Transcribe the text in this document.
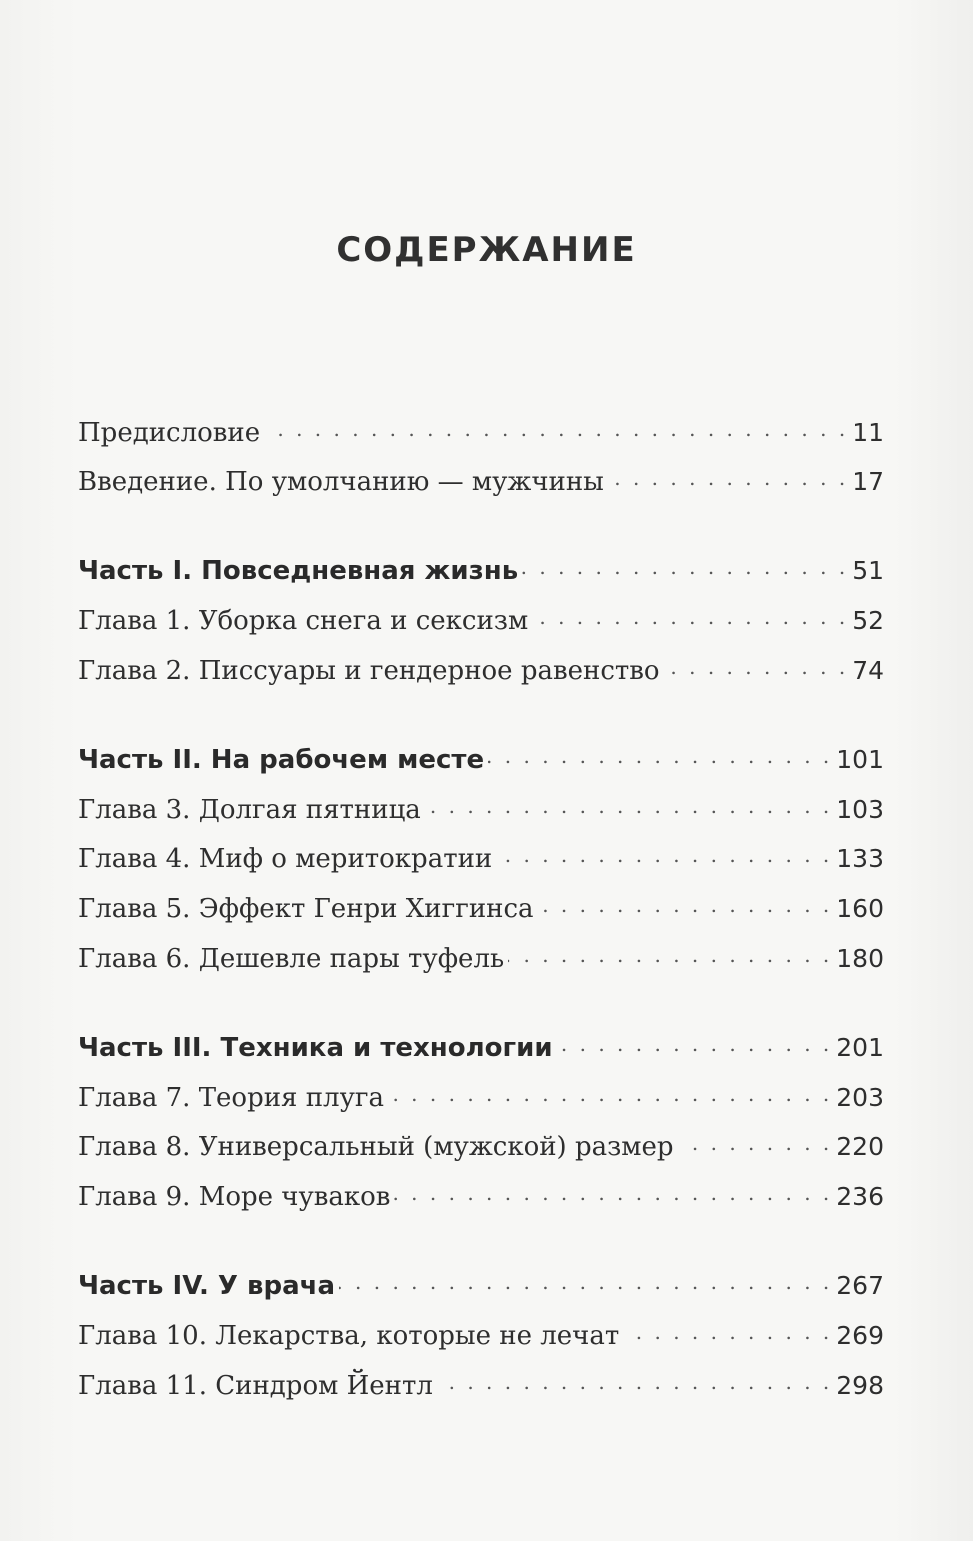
СОДЕРЖАНИЕ
Предисловие . . .	11
Введение. По умолчанию — мужчины . . .	17
Часть I. Повседневная жизнь . . .	51
Глава 1. Уборка снега и сексизм . . .	52
Глава 2. Писсуары и гендерное равенство . . .	74
Часть II. На рабочем месте . . .	101
Глава 3. Долгая пятница . . .	103
Глава 4. Миф о меритократии . . .	133
Глава 5. Эффект Генри Хиггинса . . .	160
Глава 6. Дешевле пары туфель . . .	180
Часть III. Техника и технологии . . .	201
Глава 7. Теория плуга . . .	203
Глава 8. Универсальный (мужской) размер . . .	220
Глава 9. Море чуваков . . .	236
Часть IV. У врача . . .	267
Глава 10. Лекарства, которые не лечат . . .	269
Глава 11. Синдром Йентл . . .	298
